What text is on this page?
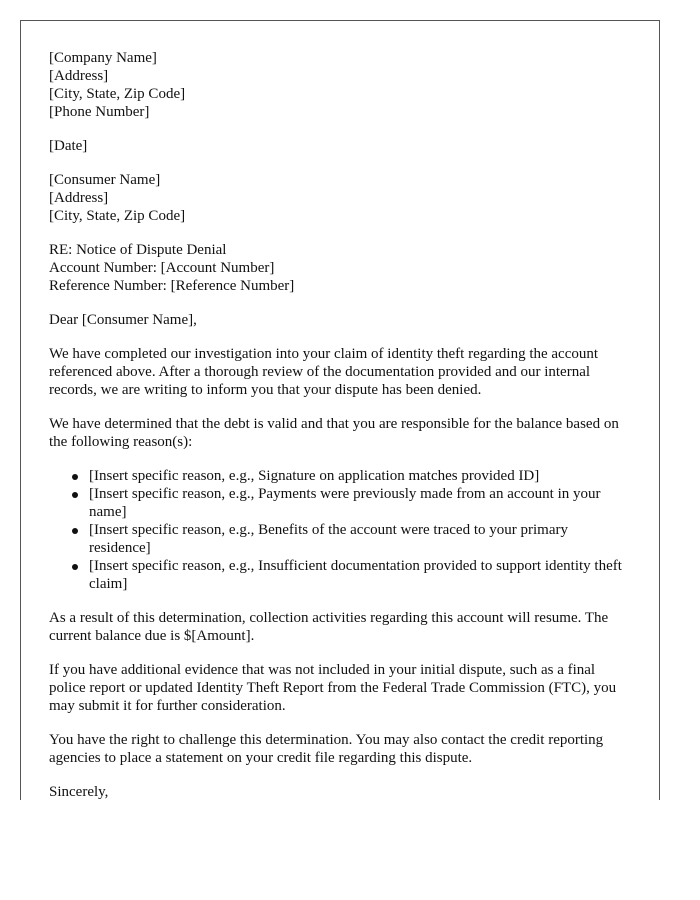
[Company Name]
[Address]
[City, State, Zip Code]
[Phone Number]
[Date]
[Consumer Name]
[Address]
[City, State, Zip Code]
RE: Notice of Dispute Denial
Account Number: [Account Number]
Reference Number: [Reference Number]

Dear [Consumer Name],

We have completed our investigation into your claim of identity theft regarding the account referenced above. After a thorough review of the documentation provided and our internal records, we are writing to inform you that your dispute has been denied.

We have determined that the debt is valid and that you are responsible for the balance based on the following reason(s):

[Insert specific reason, e.g., Signature on application matches provided ID]
[Insert specific reason, e.g., Payments were previously made from an account in your name]
[Insert specific reason, e.g., Benefits of the account were traced to your primary residence]
[Insert specific reason, e.g., Insufficient documentation provided to support identity theft claim]

As a result of this determination, collection activities regarding this account will resume. The current balance due is $[Amount].

If you have additional evidence that was not included in your initial dispute, such as a final police report or updated Identity Theft Report from the Federal Trade Commission (FTC), you may submit it for further consideration.

You have the right to challenge this determination. You may also contact the credit reporting agencies to place a statement on your credit file regarding this dispute.

Sincerely,
